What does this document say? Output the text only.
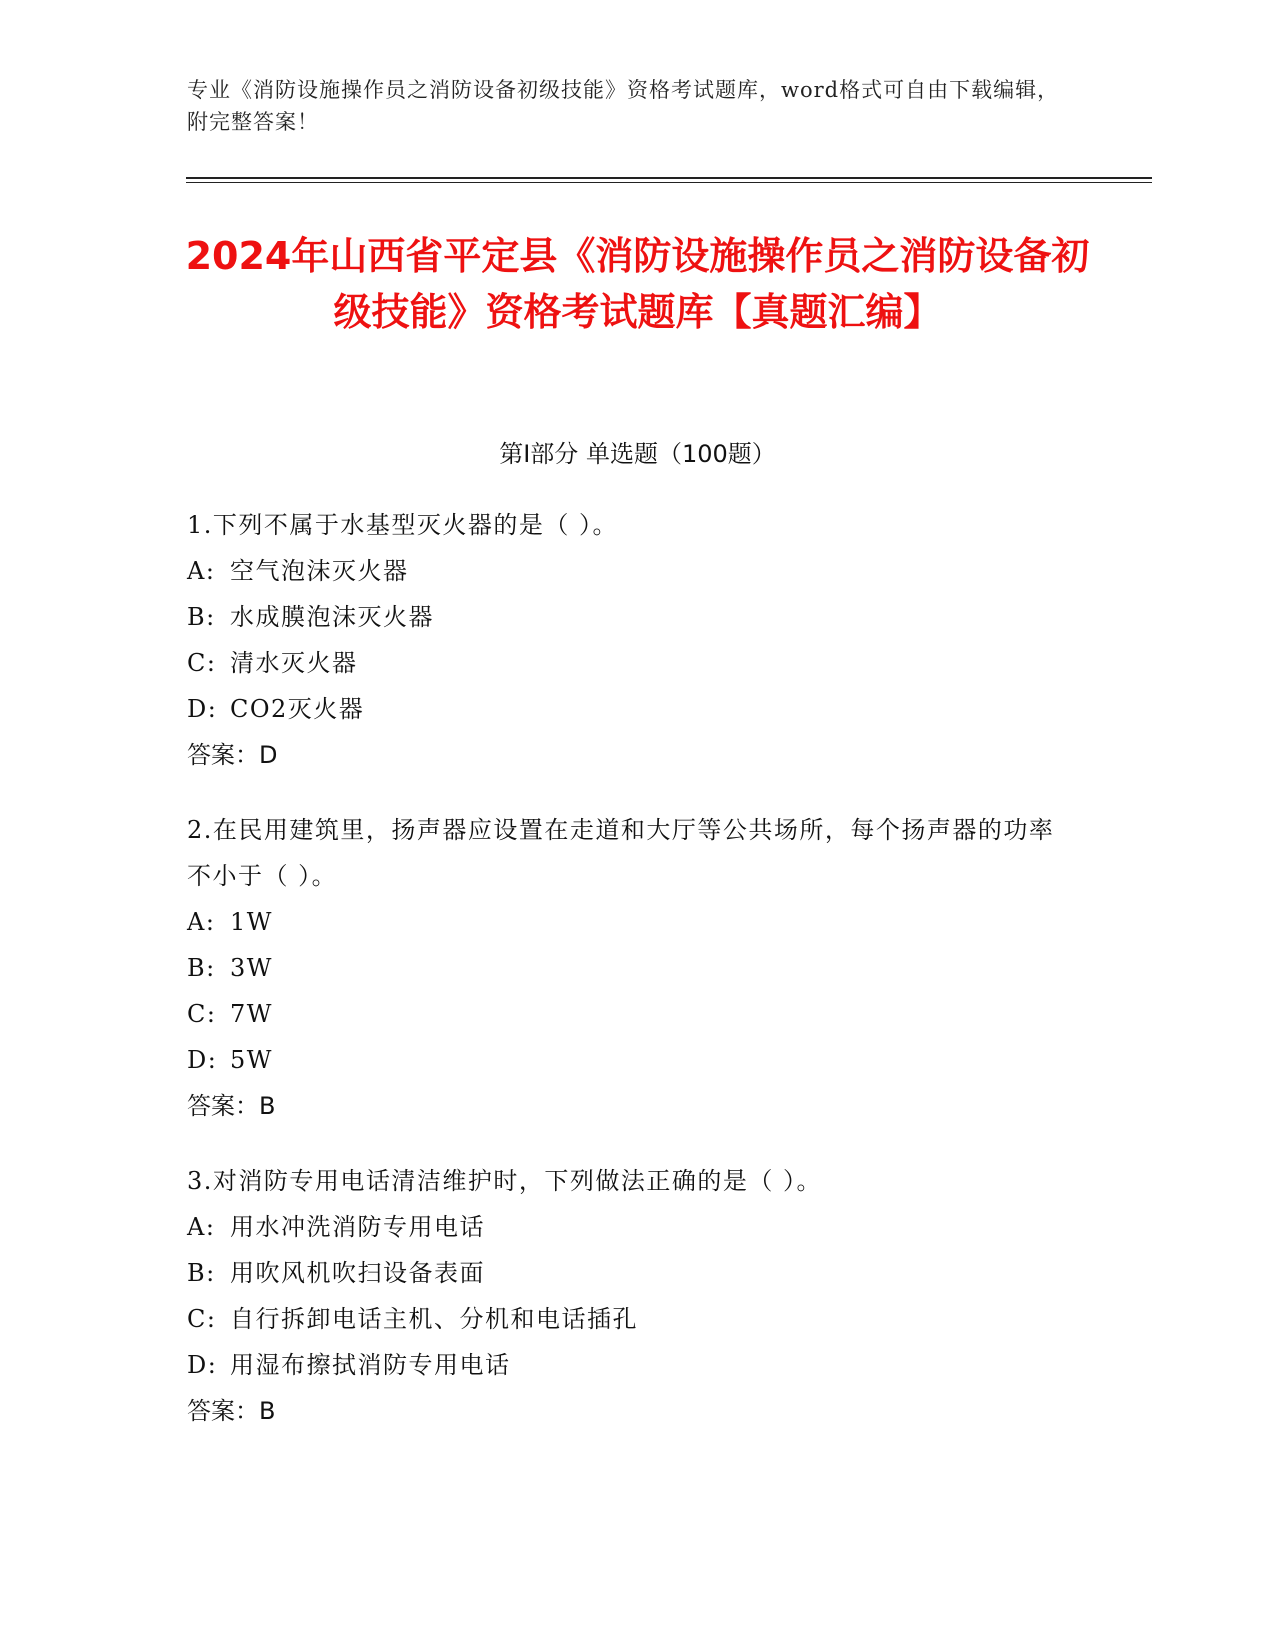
专业《消防设施操作员之消防设备初级技能》资格考试题库，word格式可自由下载编辑，附完整答案！
2024年山西省平定县《消防设施操作员之消防设备初级技能》资格考试题库【真题汇编】
第Ⅰ部分 单选题（100题）
1.下列不属于水基型灭火器的是（ ）。
A: 空气泡沫灭火器
B: 水成膜泡沫灭火器
C: 清水灭火器
D: CO2灭火器
答案：D
2.在民用建筑里，扬声器应设置在走道和大厅等公共场所，每个扬声器的功率不小于（ ）。
A: 1W
B: 3W
C: 7W
D: 5W
答案：B
3.对消防专用电话清洁维护时，下列做法正确的是（ ）。
A: 用水冲洗消防专用电话
B: 用吹风机吹扫设备表面
C: 自行拆卸电话主机、分机和电话插孔
D: 用湿布擦拭消防专用电话
答案：B
